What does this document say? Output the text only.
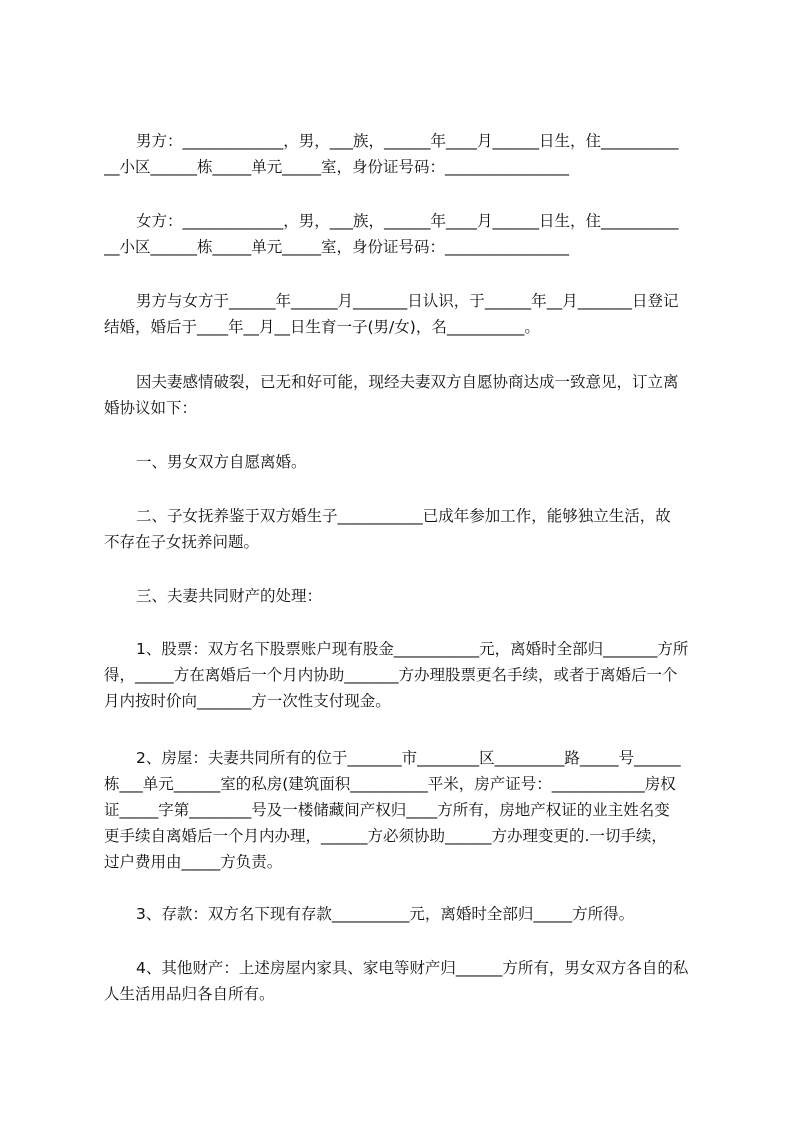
男方：_____________，男，___族，______年____月______日生，住__________
__小区______栋_____单元_____室，身份证号码：________________

女方：_____________，男，___族，______年____月______日生，住__________
__小区______栋_____单元_____室，身份证号码：________________

男方与女方于______年______月_______日认识，于______年__月_______日登记
结婚，婚后于____年__月__日生育一子(男/女)，名__________。

因夫妻感情破裂，已无和好可能，现经夫妻双方自愿协商达成一致意见，订立离
婚协议如下：

一、男女双方自愿离婚。

二、子女抚养鉴于双方婚生子___________已成年参加工作，能够独立生活，故
不存在子女抚养问题。

三、夫妻共同财产的处理：

1、股票：双方名下股票账户现有股金___________元，离婚时全部归_______方所
得，_____方在离婚后一个月内协助_______方办理股票更名手续，或者于离婚后一个
月内按时价向_______方一次性支付现金。

2、房屋：夫妻共同所有的位于_______市________区_________路_____号______
栋___单元______室的私房(建筑面积__________平米，房产证号：____________房权
证_____字第________号及一楼储藏间产权归____方所有，房地产权证的业主姓名变
更手续自离婚后一个月内办理，______方必须协助______方办理变更的.一切手续，
过户费用由_____方负责。

3、存款：双方名下现有存款__________元，离婚时全部归_____方所得。

4、其他财产：上述房屋内家具、家电等财产归______方所有，男女双方各自的私
人生活用品归各自所有。
